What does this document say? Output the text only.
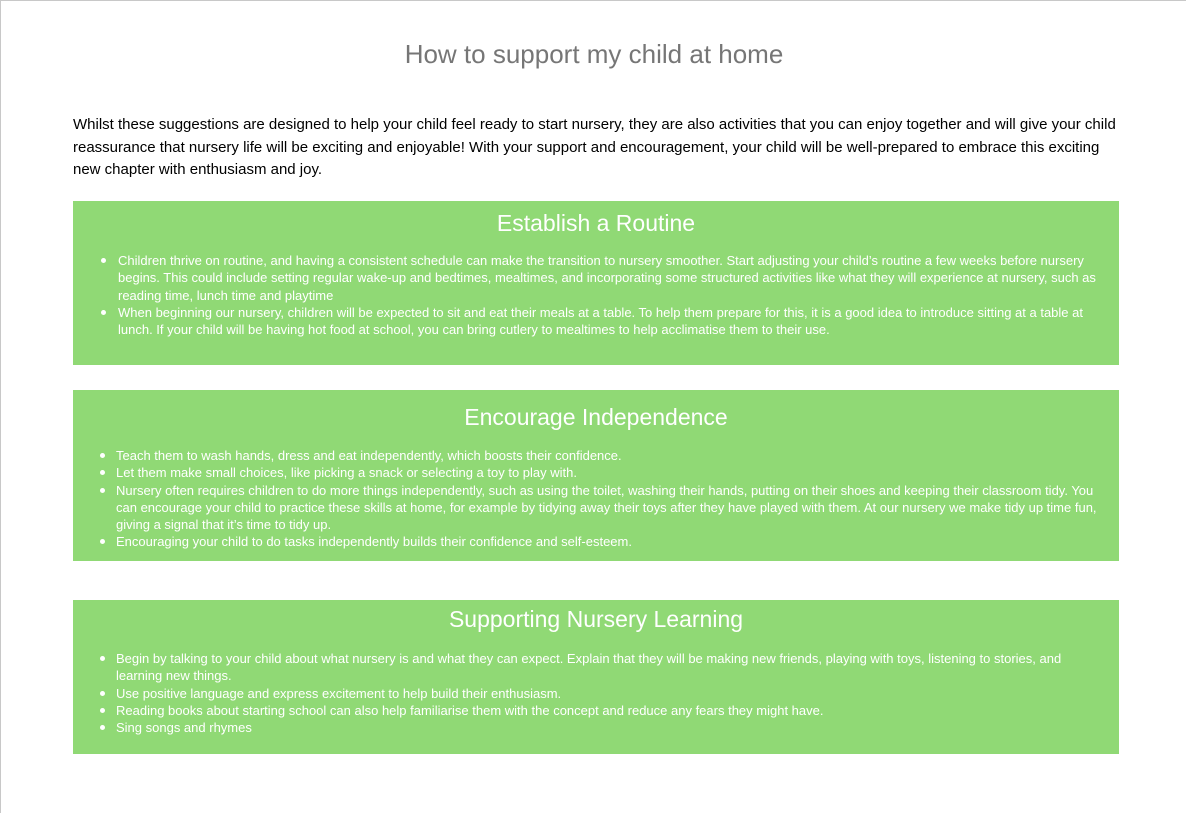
How to support my child at home
Whilst these suggestions are designed to help your child feel ready to start nursery, they are also activities that you can enjoy together and will give your child reassurance that nursery life will be exciting and enjoyable! With your support and encouragement, your child will be well-prepared to embrace this exciting new chapter with enthusiasm and joy.
Establish a Routine
Children thrive on routine, and having a consistent schedule can make the transition to nursery smoother. Start adjusting your child’s routine a few weeks before nursery begins. This could include setting regular wake-up and bedtimes, mealtimes, and incorporating some structured activities like what they will experience at nursery, such as reading time, lunch time and playtime
When beginning our nursery, children will be expected to sit and eat their meals at a table. To help them prepare for this, it is a good idea to introduce sitting at a table at lunch. If your child will be having hot food at school, you can bring cutlery to mealtimes to help acclimatise them to their use.
Encourage Independence
Teach them to wash hands, dress and eat independently, which boosts their confidence.
Let them make small choices, like picking a snack or selecting a toy to play with.
Nursery often requires children to do more things independently, such as using the toilet, washing their hands, putting on their shoes and keeping their classroom tidy. You can encourage your child to practice these skills at home, for example by tidying away their toys after they have played with them. At our nursery we make tidy up time fun, giving a signal that it’s time to tidy up.
Encouraging your child to do tasks independently builds their confidence and self-esteem.
Supporting Nursery Learning
Begin by talking to your child about what nursery is and what they can expect. Explain that they will be making new friends, playing with toys, listening to stories, and learning new things.
Use positive language and express excitement to help build their enthusiasm.
Reading books about starting school can also help familiarise them with the concept and reduce any fears they might have.
Sing songs and rhymes
